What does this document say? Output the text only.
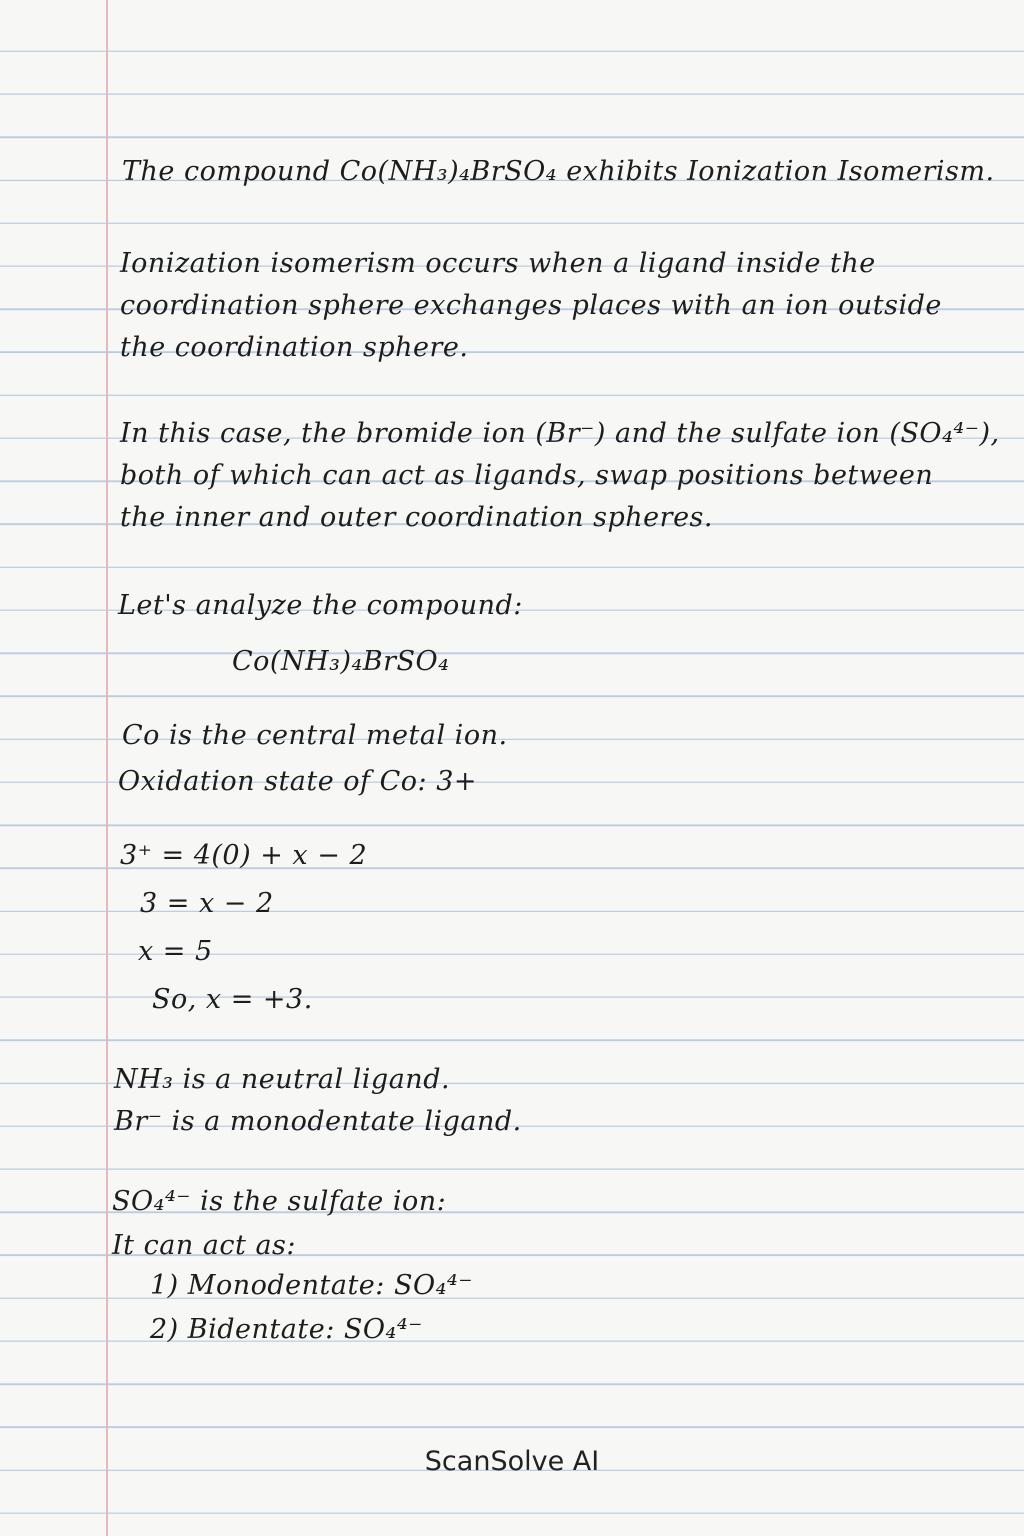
The compound Co(NH₃)₄BrSO₄ exhibits Ionization Isomerism.
Ionization isomerism occurs when a ligand inside the
coordination sphere exchanges places with an ion outside
the coordination sphere.
In this case, the bromide ion (Br⁻) and the sulfate ion (SO₄⁴⁻),
both of which can act as ligands, swap positions between
the inner and outer coordination spheres.
Let's analyze the compound:
Co(NH₃)₄BrSO₄
Co is the central metal ion.
Oxidation state of Co: 3+
3⁺ = 4(0) + x − 2
3 = x − 2
x = 5
So, x = +3.
NH₃ is a neutral ligand.
Br⁻ is a monodentate ligand.
SO₄⁴⁻ is the sulfate ion:
It can act as:
1) Monodentate: SO₄⁴⁻
2) Bidentate: SO₄⁴⁻
ScanSolve AI
